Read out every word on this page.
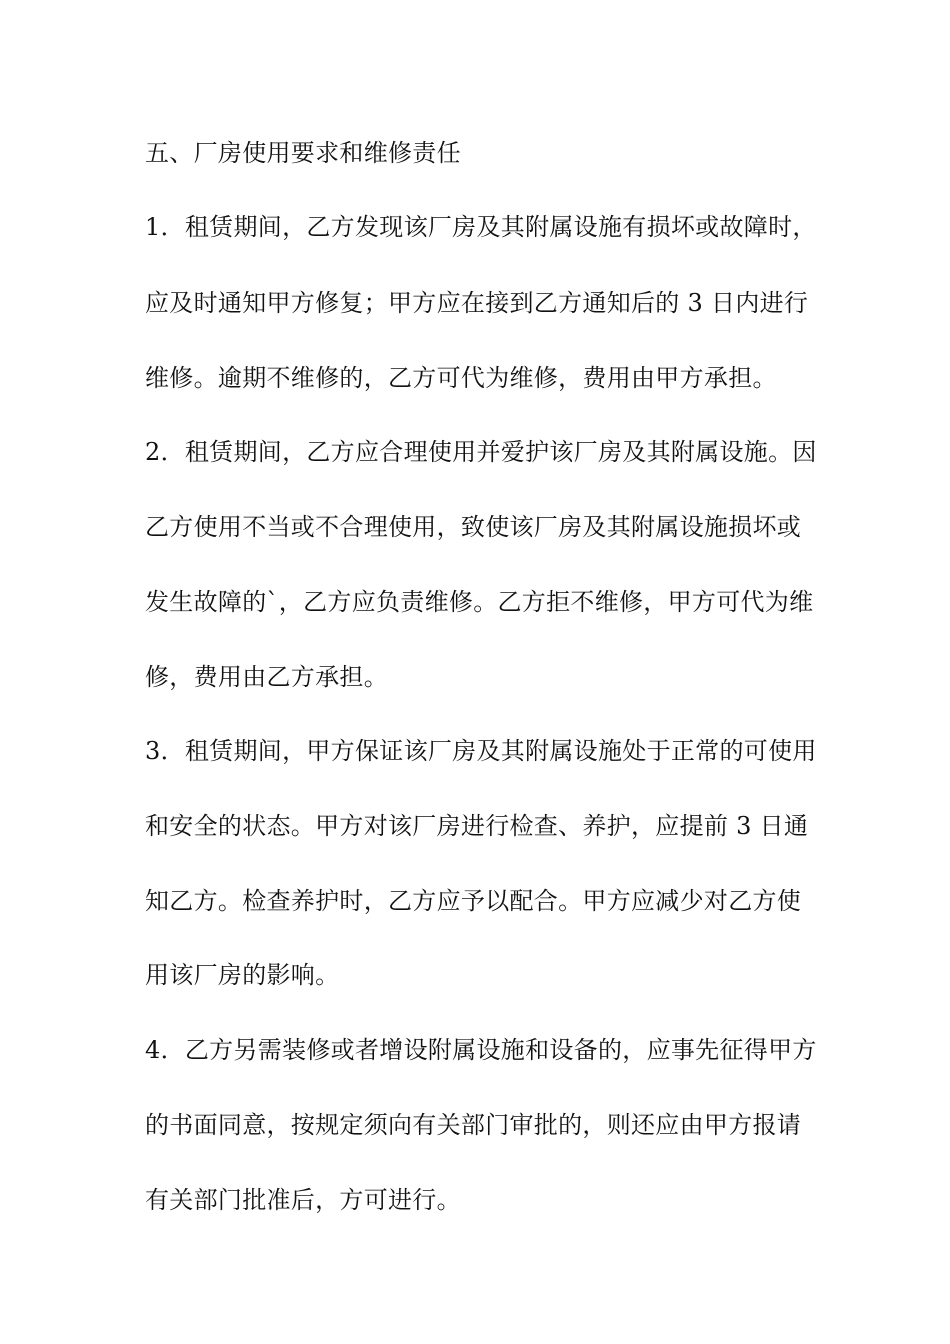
五、厂房使用要求和维修责任

1．租赁期间，乙方发现该厂房及其附属设施有损坏或故障时，

应及时通知甲方修复；甲方应在接到乙方通知后的 3 日内进行

维修。逾期不维修的，乙方可代为维修，费用由甲方承担。

2．租赁期间，乙方应合理使用并爱护该厂房及其附属设施。因

乙方使用不当或不合理使用，致使该厂房及其附属设施损坏或

发生故障的`，乙方应负责维修。乙方拒不维修，甲方可代为维

修，费用由乙方承担。

3．租赁期间，甲方保证该厂房及其附属设施处于正常的可使用

和安全的状态。甲方对该厂房进行检查、养护，应提前 3 日通

知乙方。检查养护时，乙方应予以配合。甲方应减少对乙方使

用该厂房的影响。

4．乙方另需装修或者增设附属设施和设备的，应事先征得甲方

的书面同意，按规定须向有关部门审批的，则还应由甲方报请

有关部门批准后，方可进行。
